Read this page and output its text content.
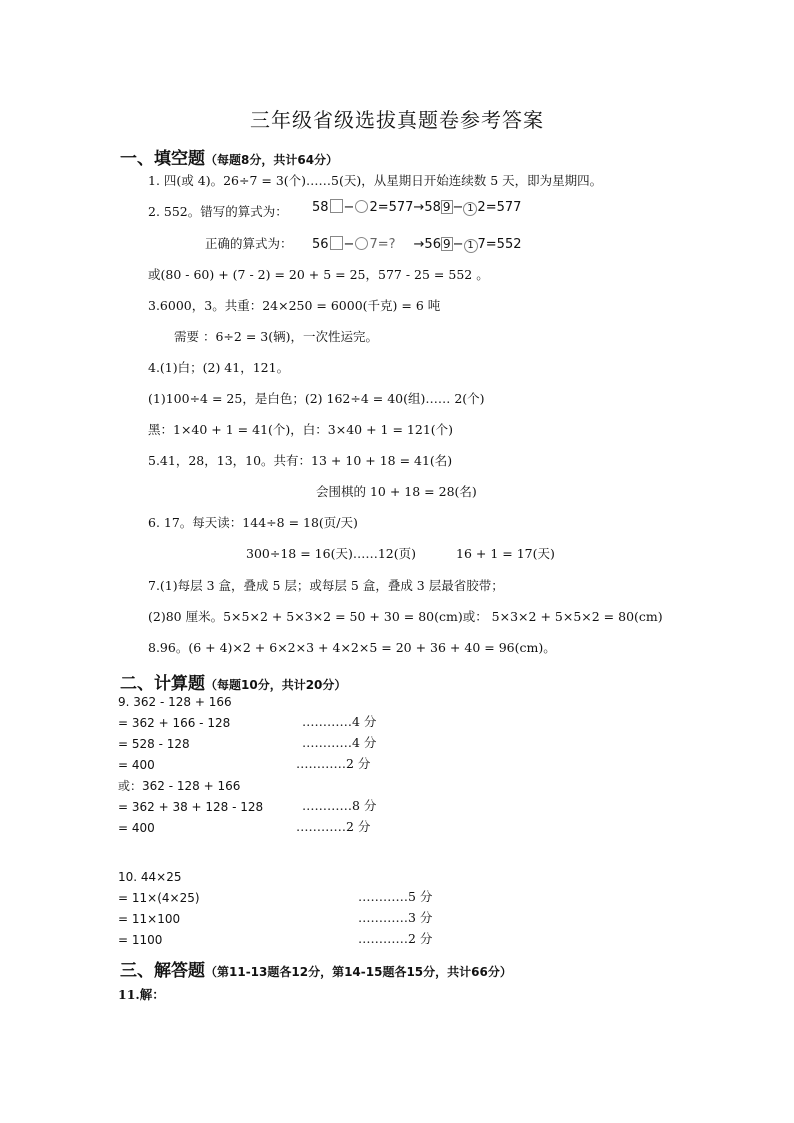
三年级省级选拔真题卷参考答案
一、填空题（每题8分，共计64分）
1. 四(或 4)。26÷7 = 3(个)……5(天)，从星期日开始连续数 5 天，即为星期四。
2. 552。错写的算式为： 58 − 2=577→58 9 − 1 2=577
正确的算式为： 56 − 7=? →56 9 − 1 7=552
或(80 - 60) + (7 - 2) = 20 + 5 = 25，577 - 25 = 552 。
3.6000，3。共重：24×250 = 6000(千克) = 6 吨
需要 ：6÷2 = 3(辆)，一次性运完。
4.(1)白；(2) 41，121。
(1)100÷4 = 25，是白色；(2) 162÷4 = 40(组)…… 2(个)
黑：1×40 + 1 = 41(个)，白：3×40 + 1 = 121(个)
5.41，28，13，10。共有：13 + 10 + 18 = 41(名)
会围棋的 10 + 18 = 28(名)
6. 17。每天读：144÷8 = 18(页/天)
300÷18 = 16(天)……12(页)	16 + 1 = 17(天)
7.(1)每层 3 盒，叠成 5 层；或每层 5 盒，叠成 3 层最省胶带；
(2)80 厘米。5×5×2 + 5×3×2 = 50 + 30 = 80(cm)或： 5×3×2 + 5×5×2 = 80(cm)
8.96。(6 + 4)×2 + 6×2×3 + 4×2×5 = 20 + 36 + 40 = 96(cm)。
二、计算题（每题10分，共计20分）
9. 362 - 128 + 166
= 362 + 166 - 128	…………4 分
= 528 - 128	…………4 分
= 400	…………2 分
或：362 - 128 + 166
= 362 + 38 + 128 - 128	…………8 分
= 400	…………2 分
10. 44×25
= 11×(4×25)	…………5 分
= 11×100	…………3 分
= 1100	…………2 分
三、解答题（第11-13题各12分，第14-15题各15分，共计66分）
11.解：
